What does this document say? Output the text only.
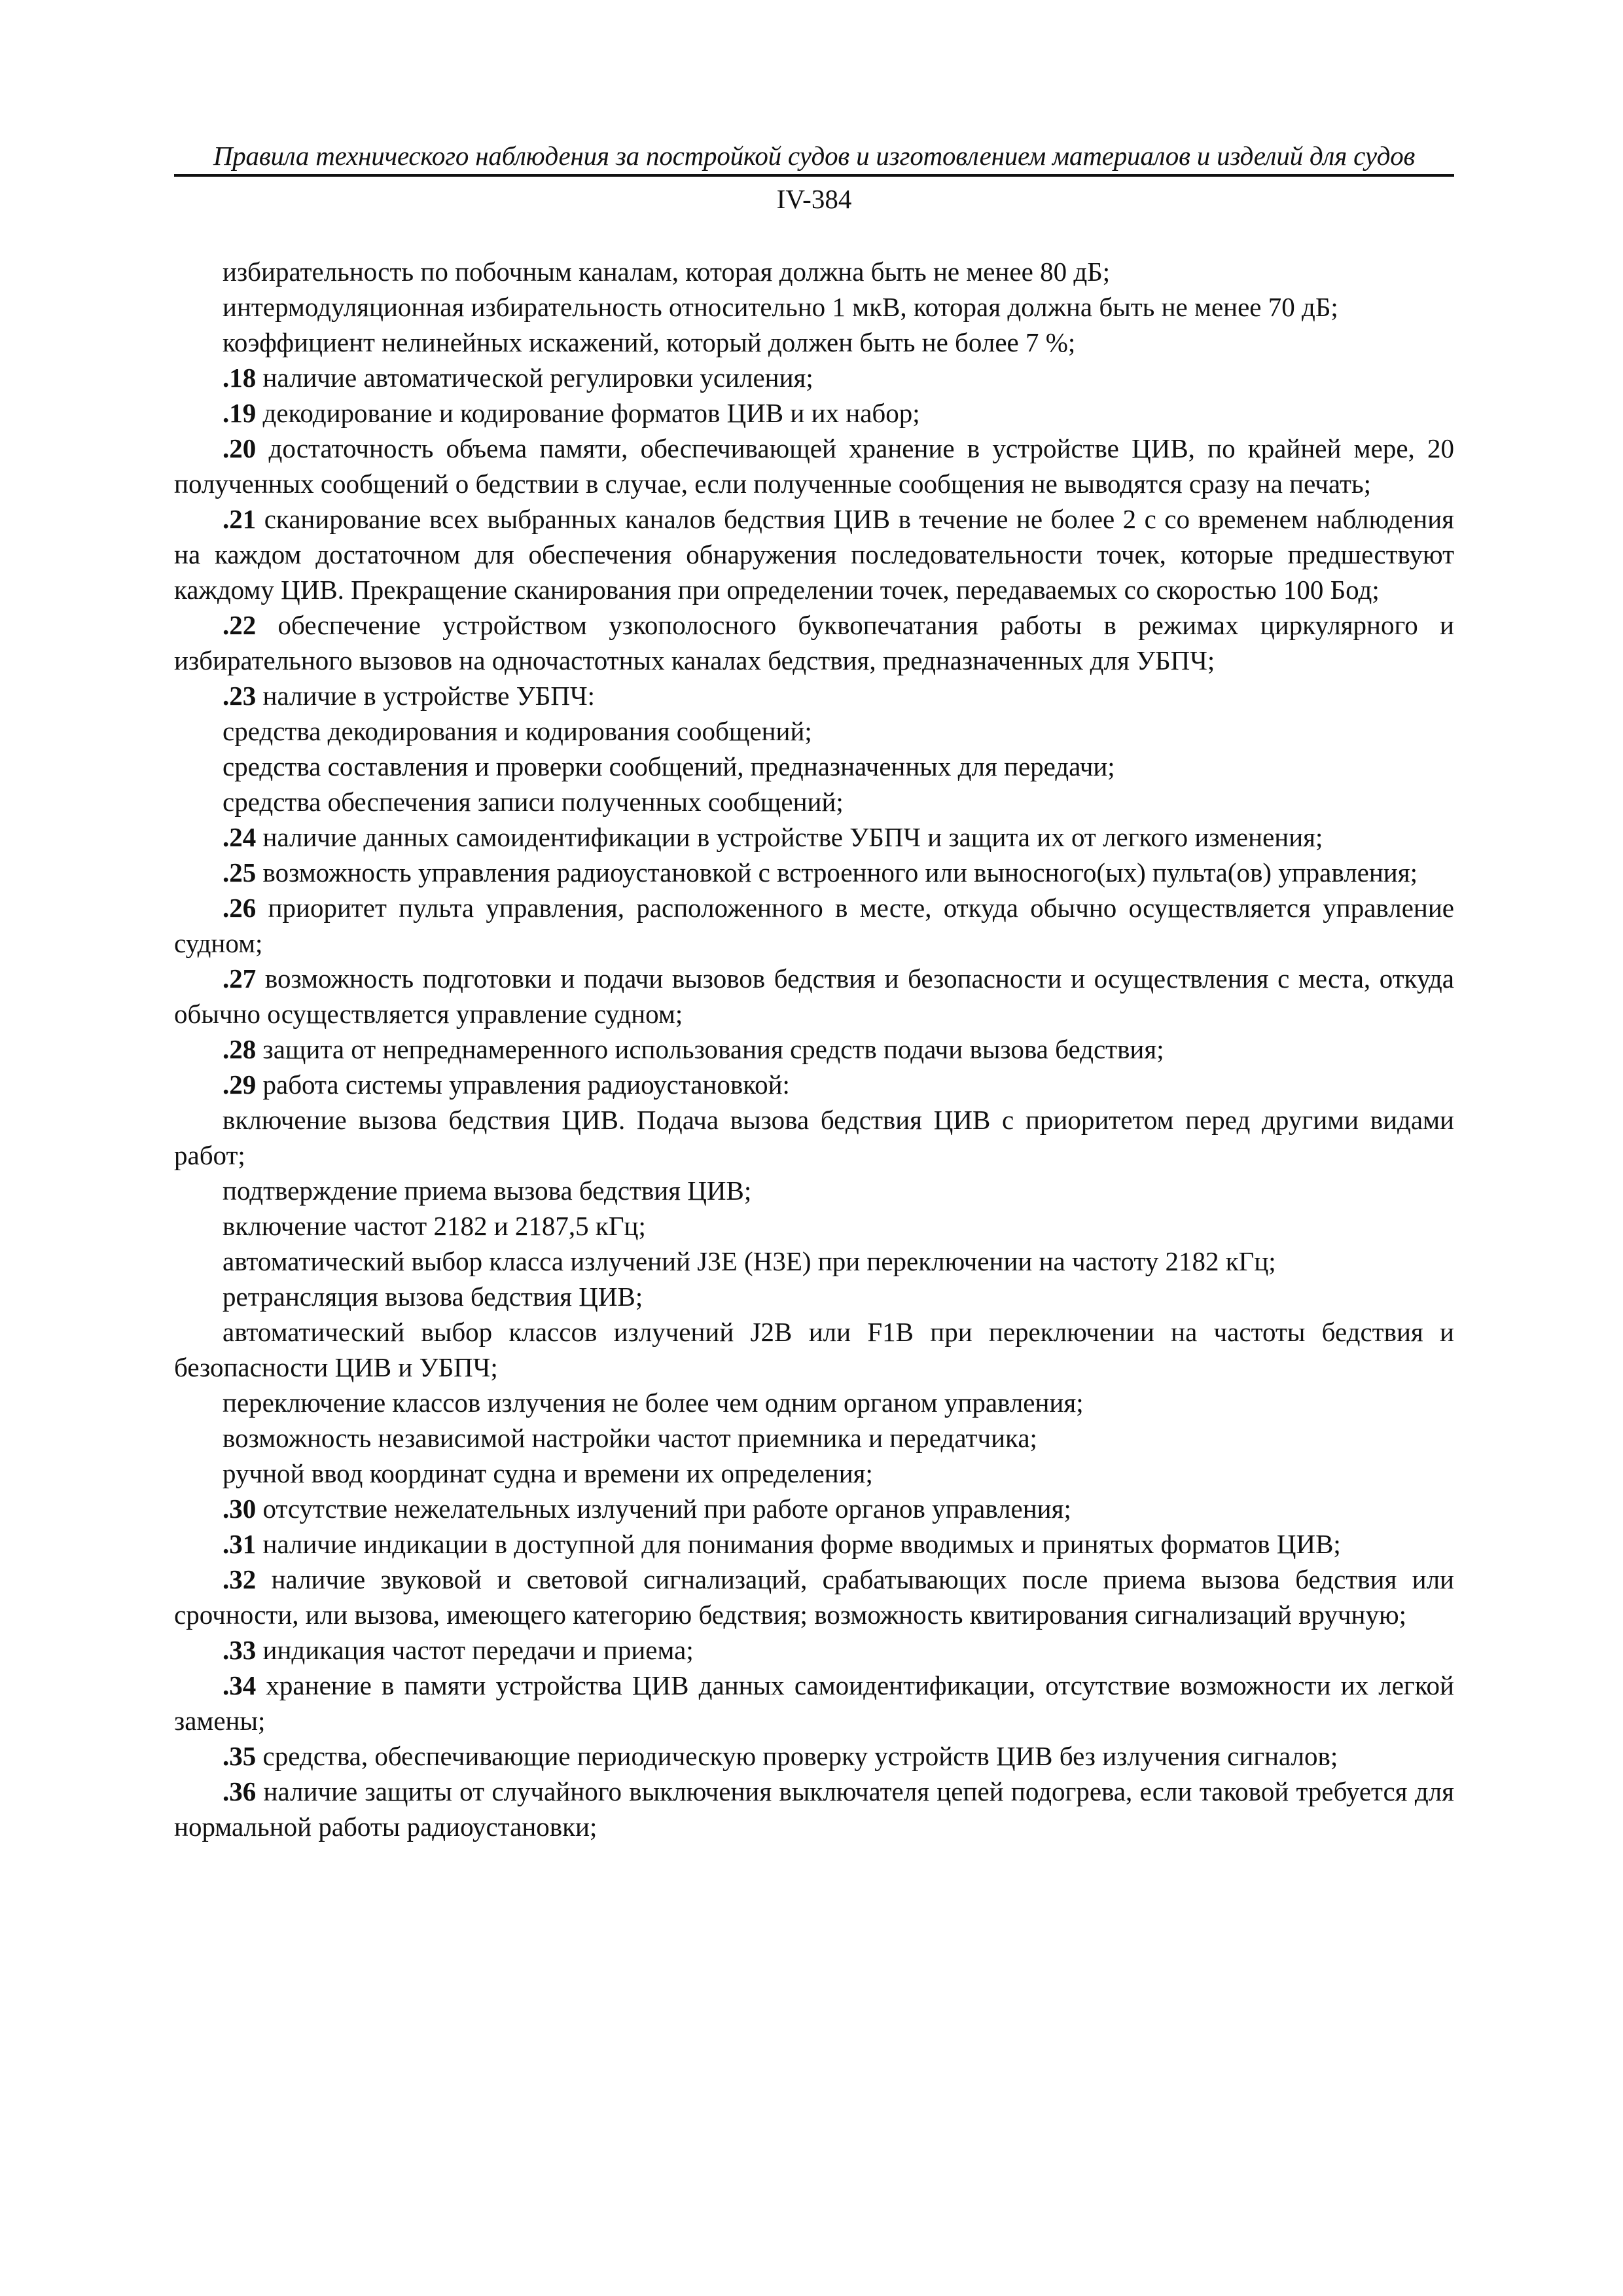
Правила технического наблюдения за постройкой судов и изготовлением материалов и изделий для судов
IV-384

избирательность по побочным каналам, которая должна быть не менее 80 дБ;

интермодуляционная избирательность относительно 1 мкВ, которая должна быть не менее 70 дБ;

коэффициент нелинейных искажений, который должен быть не более 7 %;

.18 наличие автоматической регулировки усиления;

.19 декодирование и кодирование форматов ЦИВ и их набор;

.20 достаточность объема памяти, обеспечивающей хранение в устройстве ЦИВ, по крайней мере, 20 полученных сообщений о бедствии в случае, если полученные сообщения не выводятся сразу на печать;

.21 сканирование всех выбранных каналов бедствия ЦИВ в течение не более 2 с со временем наблюдения на каждом достаточном для обеспечения обнаружения последовательности точек, которые предшествуют каждому ЦИВ. Прекращение сканирования при определении точек, передаваемых со скоростью 100 Бод;

.22 обеспечение устройством узкополосного буквопечатания работы в режимах циркулярного и избирательного вызовов на одночастотных каналах бедствия, предназначенных для УБПЧ;

.23 наличие в устройстве УБПЧ:

средства декодирования и кодирования сообщений;

средства составления и проверки сообщений, предназначенных для передачи;

средства обеспечения записи полученных сообщений;

.24 наличие данных самоидентификации в устройстве УБПЧ и защита их от легкого изменения;

.25 возможность управления радиоустановкой с встроенного или выносного(ых) пульта(ов) управления;

.26 приоритет пульта управления, расположенного в месте, откуда обычно осуществляется управление судном;

.27 возможность подготовки и подачи вызовов бедствия и безопасности и осуществления с места, откуда обычно осуществляется управление судном;

.28 защита от непреднамеренного использования средств подачи вызова бедствия;

.29 работа системы управления радиоустановкой:

включение вызова бедствия ЦИВ. Подача вызова бедствия ЦИВ с приоритетом перед другими видами работ;

подтверждение приема вызова бедствия ЦИВ;

включение частот 2182 и 2187,5 кГц;

автоматический выбор класса излучений J3E (H3E) при переключении на частоту 2182 кГц;

ретрансляция вызова бедствия ЦИВ;

автоматический выбор классов излучений J2B или F1B при переключении на частоты бедствия и безопасности ЦИВ и УБПЧ;

переключение классов излучения не более чем одним органом управления;

возможность независимой настройки частот приемника и передатчика;

ручной ввод координат судна и времени их определения;

.30 отсутствие нежелательных излучений при работе органов управления;

.31 наличие индикации в доступной для понимания форме вводимых и принятых форматов ЦИВ;

.32 наличие звуковой и световой сигнализаций, срабатывающих после приема вызова бедствия или срочности, или вызова, имеющего категорию бедствия; возможность квитирования сигнализаций вручную;

.33 индикация частот передачи и приема;

.34 хранение в памяти устройства ЦИВ данных самоидентификации, отсутствие возможности их легкой замены;

.35 средства, обеспечивающие периодическую проверку устройств ЦИВ без излучения сигналов;

.36 наличие защиты от случайного выключения выключателя цепей подогрева, если таковой требуется для нормальной работы радиоустановки;
